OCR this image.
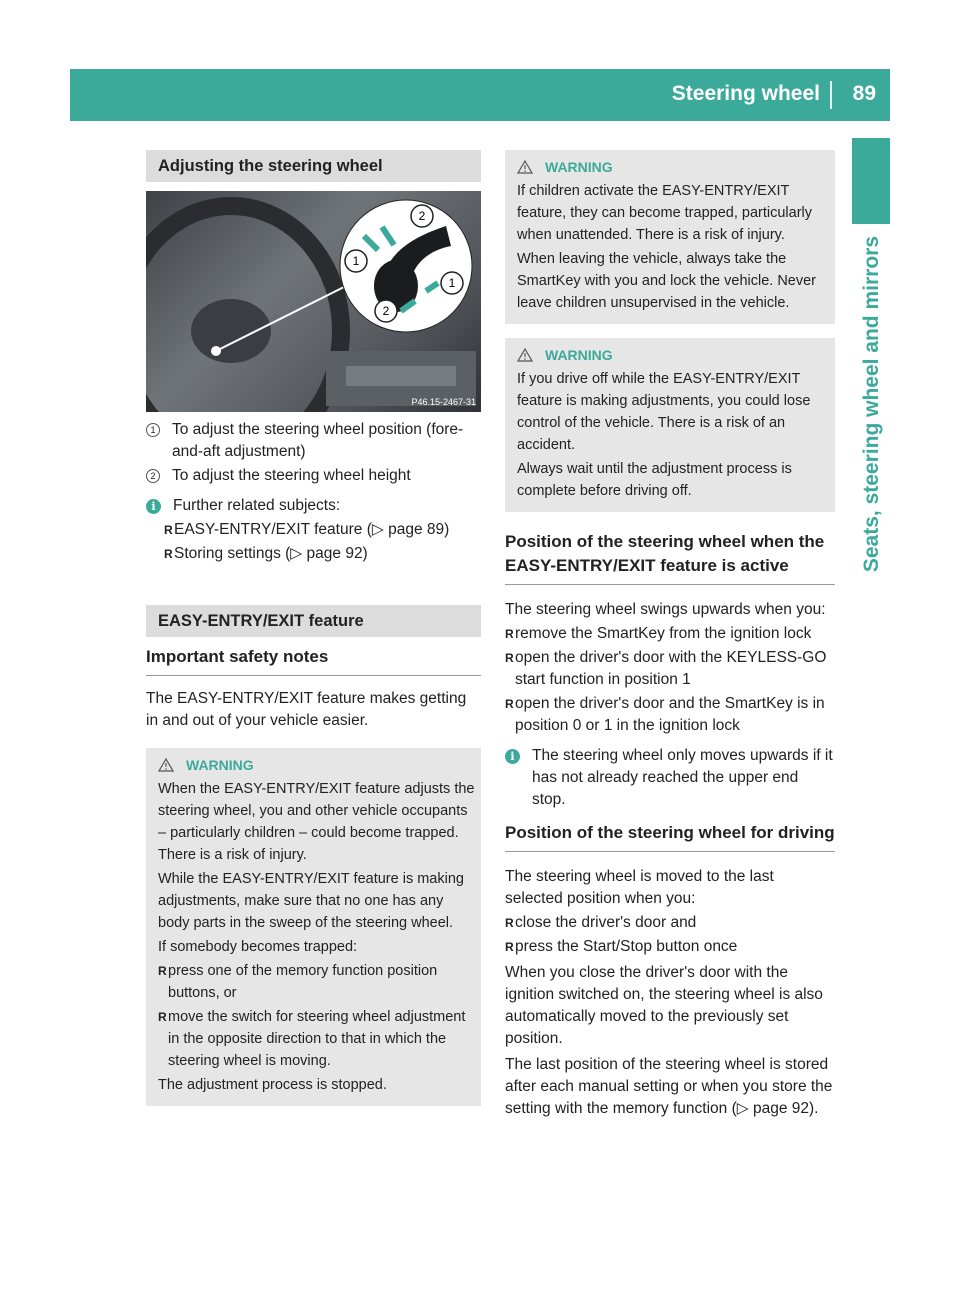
Steering wheel 89
Seats, steering wheel and mirrors
Adjusting the steering wheel
1
2
1
2
P46.15-2467-31
1 To adjust the steering wheel position (fore-and-aft adjustment)
2 To adjust the steering wheel height
i	Further related subjects:
R EASY-ENTRY/EXIT feature (▷ page 89)
R Storing settings (▷ page 92)
EASY-ENTRY/EXIT feature
Important safety notes

The EASY-ENTRY/EXIT feature makes getting in and out of your vehicle easier.

WARNING

When the EASY-ENTRY/EXIT feature adjusts the steering wheel, you and other vehicle occupants – particularly children – could become trapped. There is a risk of injury.

While the EASY-ENTRY/EXIT feature is making adjustments, make sure that no one has any body parts in the sweep of the steering wheel.

If somebody becomes trapped:

R press one of the memory function position buttons, or
R move the switch for steering wheel adjustment in the opposite direction to that in which the steering wheel is moving.

The adjustment process is stopped.

WARNING

If children activate the EASY-ENTRY/EXIT feature, they can become trapped, particularly when unattended. There is a risk of injury.

When leaving the vehicle, always take the SmartKey with you and lock the vehicle. Never leave children unsupervised in the vehicle.

WARNING

If you drive off while the EASY-ENTRY/EXIT feature is making adjustments, you could lose control of the vehicle. There is a risk of an accident.

Always wait until the adjustment process is complete before driving off.

Position of the steering wheel when the EASY-ENTRY/EXIT feature is active

The steering wheel swings upwards when you:

R remove the SmartKey from the ignition lock
R open the driver's door with the KEYLESS-GO start function in position 1
R open the driver's door and the SmartKey is in position 0 or 1 in the ignition lock
i	The steering wheel only moves upwards if it has not already reached the upper end stop.
Position of the steering wheel for driving

The steering wheel is moved to the last selected position when you:

R close the driver's door and
R press the Start/Stop button once

When you close the driver's door with the ignition switched on, the steering wheel is also automatically moved to the previously set position.

The last position of the steering wheel is stored after each manual setting or when you store the setting with the memory function (▷ page 92).
